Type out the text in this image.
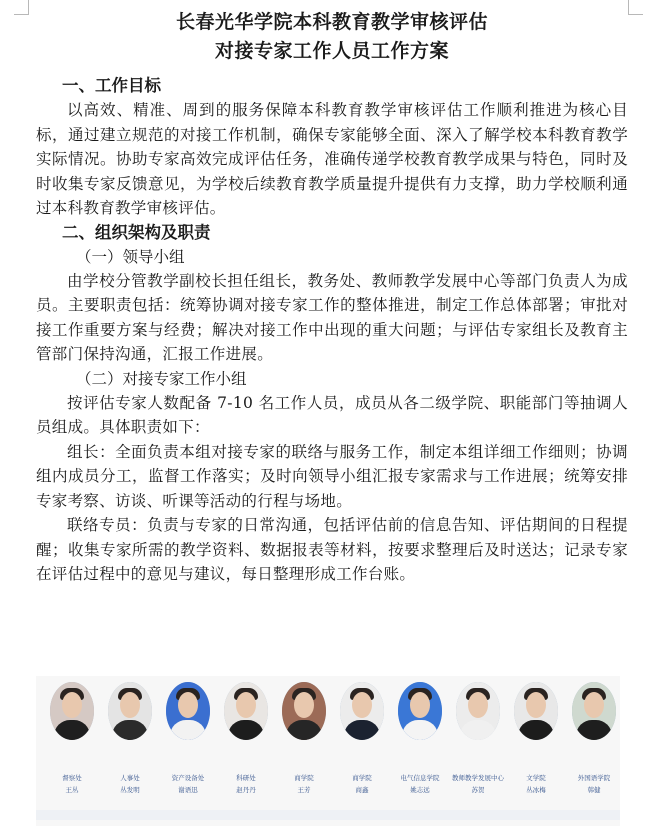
长春光华学院本科教育教学审核评估

对接专家工作人员工作方案

一、工作目标

以高效、精准、周到的服务保障本科教育教学审核评估工作顺利推进为核心目标，通过建立规范的对接工作机制，确保专家能够全面、深入了解学校本科教育教学实际情况。协助专家高效完成评估任务，准确传递学校教育教学成果与特色，同时及时收集专家反馈意见，为学校后续教育教学质量提升提供有力支撑，助力学校顺利通过本科教育教学审核评估。

二、组织架构及职责

（一）领导小组

由学校分管教学副校长担任组长，教务处、教师教学发展中心等部门负责人为成员。主要职责包括：统筹协调对接专家工作的整体推进，制定工作总体部署；审批对接工作重要方案与经费；解决对接工作中出现的重大问题；与评估专家组长及教育主管部门保持沟通，汇报工作进展。

（二）对接专家工作小组

按评估专家人数配备 7-10 名工作人员，成员从各二级学院、职能部门等抽调人员组成。具体职责如下：

组长：全面负责本组对接专家的联络与服务工作，制定本组详细工作细则；协调组内成员分工，监督工作落实；及时向领导小组汇报专家需求与工作进展；统筹安排专家考察、访谈、听课等活动的行程与场地。

联络专员：负责与专家的日常沟通，包括评估前的信息告知、评估期间的日程提醒；收集专家所需的教学资料、数据报表等材料，按要求整理后及时送达；记录专家在评估过程中的意见与建议，每日整理形成工作台账。

督察处
王丛
人事处
丛发明
资产设备处
谢语迅
科研处
赵丹丹
商学院
王芳
商学院
商鑫
电气信息学院
姚志远
教师教学发展中心
苏贺
文学院
丛冰梅
外国语学院
韩健
